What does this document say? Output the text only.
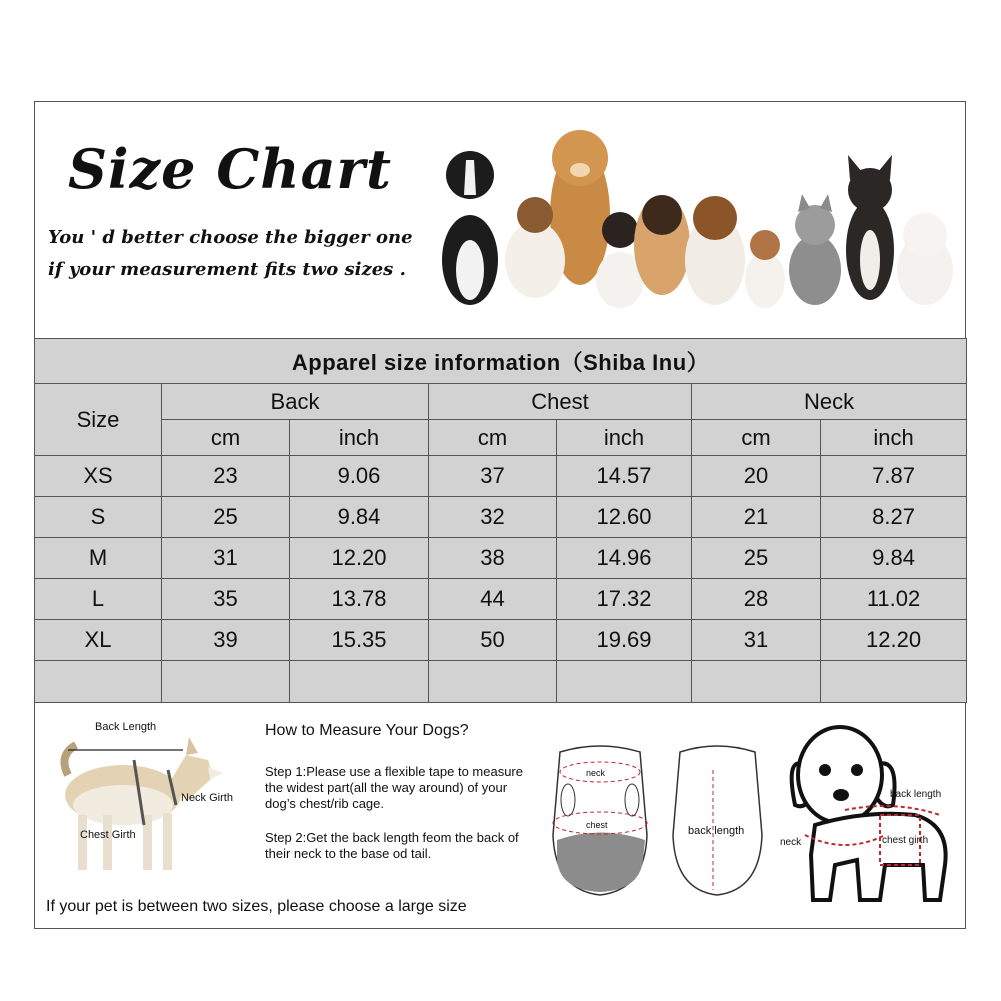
Size Chart
You ' d better choose the bigger one
if your measurement fits two sizes .
Apparel size information（Shiba Inu）						
Size	Back		Chest		Neck	
	cm	inch	cm	inch	cm	inch
XS	23	9.06	37	14.57	20	7.87
S	25	9.84	32	12.60	21	8.27
M	31	12.20	38	14.96	25	9.84
L	35	13.78	44	17.32	28	11.02
XL	39	15.35	50	19.69	31	12.20

Back Length
Neck Girth
Chest Girth
How to Measure Your Dogs?
Step 1:Please use a flexible tape to measure the widest part(all the way around) of your dog’s chest/rib cage.
Step 2:Get the back length feom the back of their neck to the base od tail.
neck
chest	back length
back length
neck	chest girth
If your pet is between two sizes, please choose a large size
